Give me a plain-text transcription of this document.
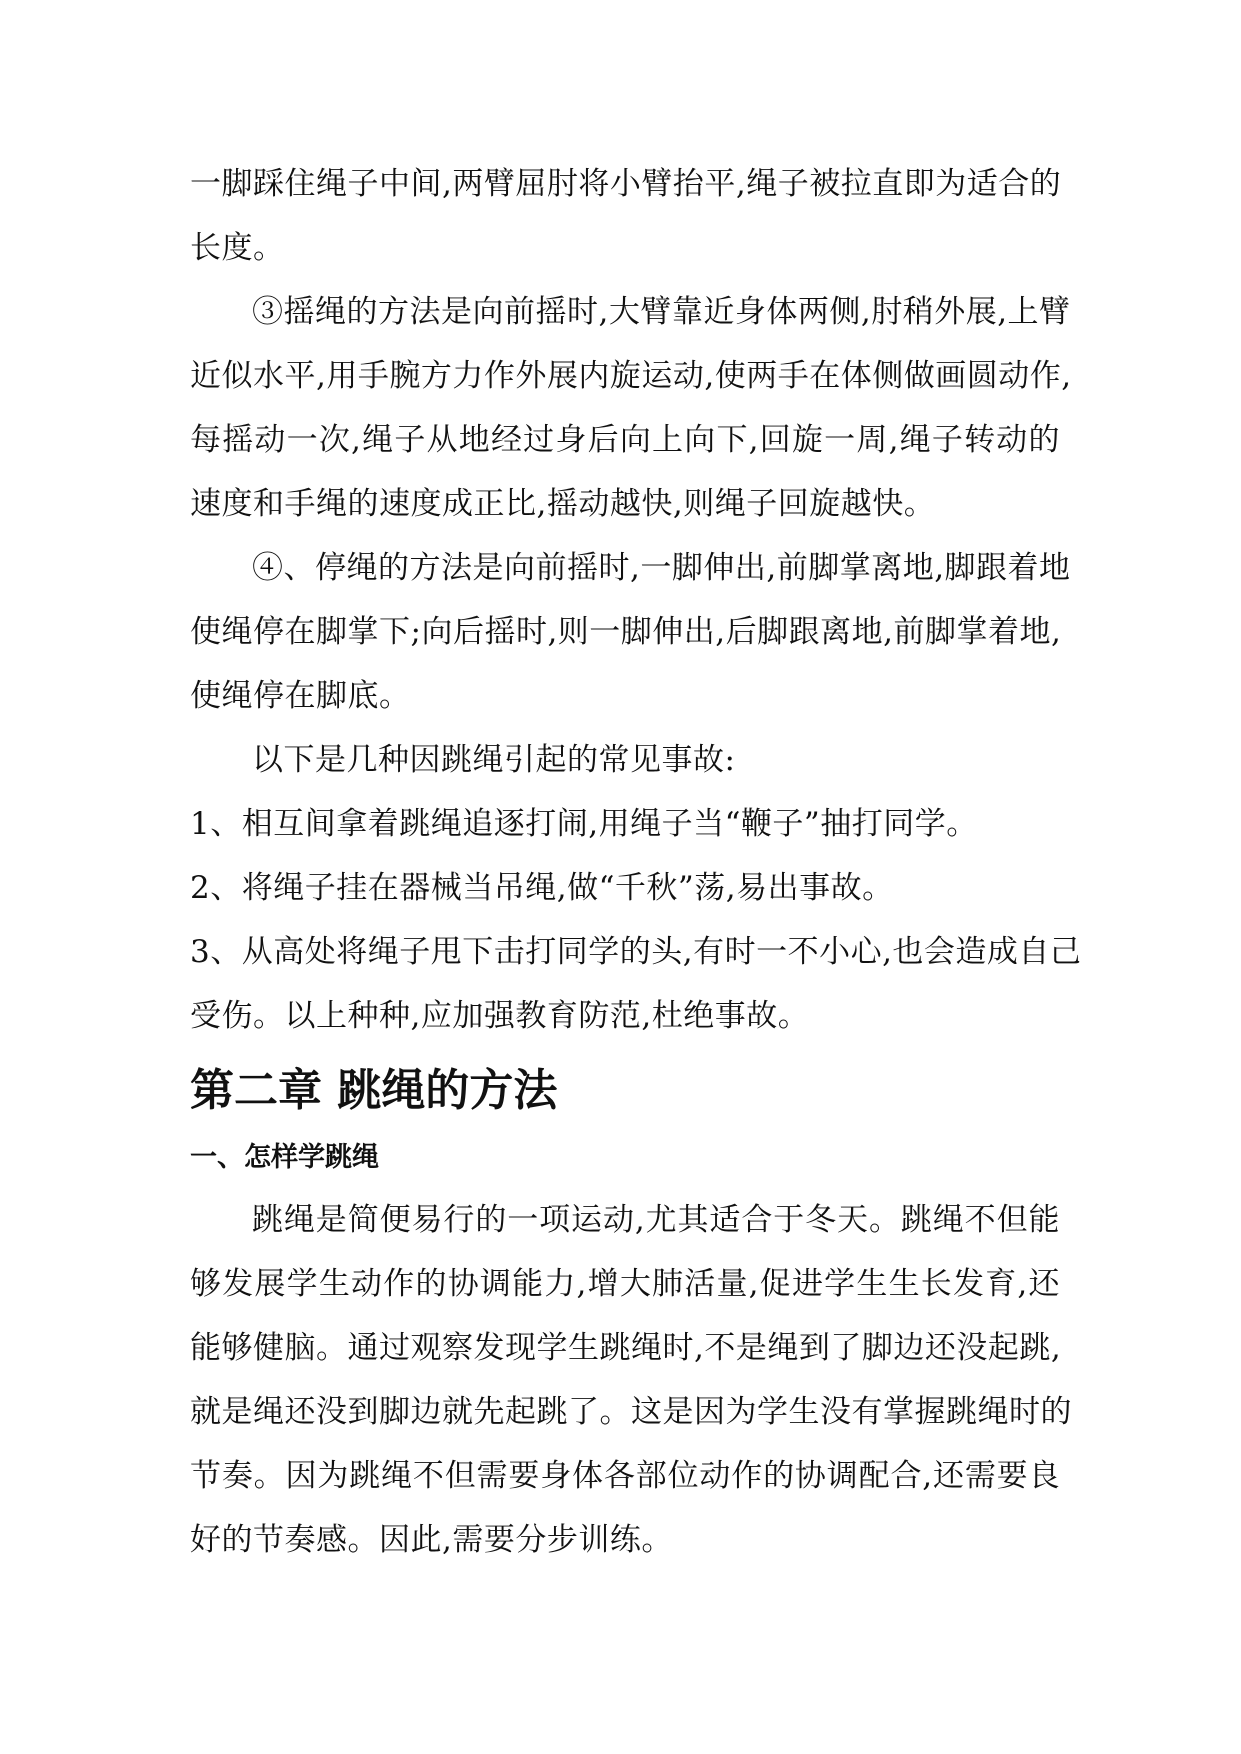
一脚踩住绳子中间,两臂屈肘将小臂抬平,绳子被拉直即为适合的
长度。
③摇绳的方法是向前摇时,大臂靠近身体两侧,肘稍外展,上臂
近似水平,用手腕方力作外展内旋运动,使两手在体侧做画圆动作,
每摇动一次,绳子从地经过身后向上向下,回旋一周,绳子转动的
速度和手绳的速度成正比,摇动越快,则绳子回旋越快。
④、停绳的方法是向前摇时,一脚伸出,前脚掌离地,脚跟着地
使绳停在脚掌下;向后摇时,则一脚伸出,后脚跟离地,前脚掌着地,
使绳停在脚底。
以下是几种因跳绳引起的常见事故:
1、相互间拿着跳绳追逐打闹,用绳子当“鞭子”抽打同学。
2、将绳子挂在器械当吊绳,做“千秋”荡,易出事故。
3、从高处将绳子甩下击打同学的头,有时一不小心,也会造成自己
受伤。以上种种,应加强教育防范,杜绝事故。
第二章 跳绳的方法
一、怎样学跳绳
跳绳是简便易行的一项运动,尤其适合于冬天。跳绳不但能
够发展学生动作的协调能力,增大肺活量,促进学生生长发育,还
能够健脑。通过观察发现学生跳绳时,不是绳到了脚边还没起跳,
就是绳还没到脚边就先起跳了。这是因为学生没有掌握跳绳时的
节奏。因为跳绳不但需要身体各部位动作的协调配合,还需要良
好的节奏感。因此,需要分步训练。
